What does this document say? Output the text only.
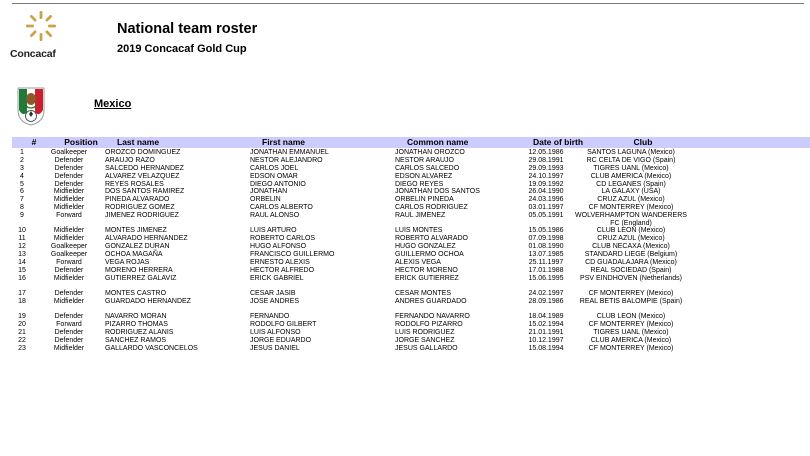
Concacaf
National team roster
2019 Concacaf Gold Cup
Mexico
#	Position	Last name	First name	Common name	Date of birth	Club
1	Goalkeeper	OROZCO DOMINGUEZ	JONATHAN EMMANUEL	JONATHAN OROZCO	12.05.1986	SANTOS LAGUNA (Mexico)
2	Defender	ARAUJO RAZO	NESTOR ALEJANDRO	NESTOR ARAUJO	29.08.1991	RC CELTA DE VIGO (Spain)
3	Defender	SALCEDO HERNANDEZ	CARLOS JOEL	CARLOS SALCEDO	29.09.1993	TIGRES UANL (Mexico)
4	Defender	ALVAREZ VELAZQUEZ	EDSON OMAR	EDSON ALVAREZ	24.10.1997	CLUB AMERICA (Mexico)
5	Defender	REYES ROSALES	DIEGO ANTONIO	DIEGO REYES	19.09.1992	CD LEGANES (Spain)
6	Midfielder	DOS SANTOS RAMIREZ	JONATHAN	JONATHAN DOS SANTOS	26.04.1990	LA GALAXY (USA)
7	Midfielder	PINEDA ALVARADO	ORBELIN	ORBELIN PINEDA	24.03.1996	CRUZ AZUL (Mexico)
8	Midfielder	RODRIGUEZ GOMEZ	CARLOS ALBERTO	CARLOS RODRIGUEZ	03.01.1997	CF MONTERREY (Mexico)
9	Forward	JIMENEZ RODRIGUEZ	RAUL ALONSO	RAUL JIMENEZ	05.05.1991	WOLVERHAMPTON WANDERERS FC (England)
10	Midfielder	MONTES JIMENEZ	LUIS ARTURO	LUIS MONTES	15.05.1986	CLUB LEON (Mexico)
11	Midfielder	ALVARADO HERNANDEZ	ROBERTO CARLOS	ROBERTO ALVARADO	07.09.1998	CRUZ AZUL (Mexico)
12	Goalkeeper	GONZALEZ DURAN	HUGO ALFONSO	HUGO GONZALEZ	01.08.1990	CLUB NECAXA (Mexico)
13	Goalkeeper	OCHOA MAGAÑA	FRANCISCO GUILLERMO	GUILLERMO OCHOA	13.07.1985	STANDARD LIEGE (Belgium)
14	Forward	VEGA ROJAS	ERNESTO ALEXIS	ALEXIS VEGA	25.11.1997	CD GUADALAJARA (Mexico)
15	Defender	MORENO HERRERA	HECTOR ALFREDO	HECTOR MORENO	17.01.1988	REAL SOCIEDAD (Spain)
16	Midfielder	GUTIERREZ GALAVIZ	ERICK GABRIEL	ERICK GUTIERREZ	15.06.1995	PSV EINDHOVEN (Netherlands)
17	Defender	MONTES CASTRO	CESAR JASIB	CESAR MONTES	24.02.1997	CF MONTERREY (Mexico)
18	Midfielder	GUARDADO HERNANDEZ	JOSE ANDRES	ANDRES GUARDADO	28.09.1986	REAL BETIS BALOMPIE (Spain)
19	Defender	NAVARRO MORAN	FERNANDO	FERNANDO NAVARRO	18.04.1989	CLUB LEON (Mexico)
20	Forward	PIZARRO THOMAS	RODOLFO GILBERT	RODOLFO PIZARRO	15.02.1994	CF MONTERREY (Mexico)
21	Defender	RODRIGUEZ ALANIS	LUIS ALFONSO	LUIS RODRIGUEZ	21.01.1991	TIGRES UANL (Mexico)
22	Defender	SANCHEZ RAMOS	JORGE EDUARDO	JORGE SANCHEZ	10.12.1997	CLUB AMERICA (Mexico)
23	Midfielder	GALLARDO VASCONCELOS	JESUS DANIEL	JESUS GALLARDO	15.08.1994	CF MONTERREY (Mexico)
